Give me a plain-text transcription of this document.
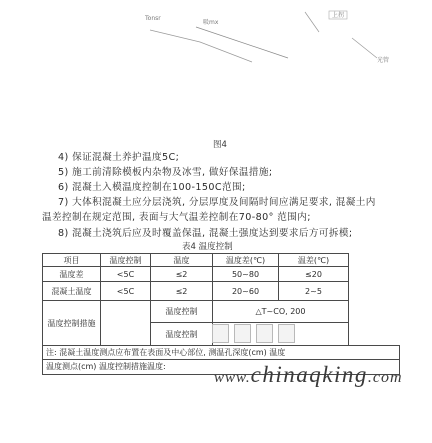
Tonsr
吸mx
上拐
光管
图4
4) 保证混凝土养护温度5C;
5) 施工前清除模板内杂物及冰雪, 做好保温措施;
6) 混凝土入模温度控制在100-150C范围;
7) 大体积混凝土应分层浇筑, 分层厚度及间隔时间应满足要求, 混凝土内
温差控制在规定范围, 表面与大气温差控制在70-80° 范围内;
8) 混凝土浇筑后应及时覆盖保温, 混凝土强度达到要求后方可拆模;
表4 温度控制
项目	温度控制	温度	温度差(℃)	温差(℃)
温度差	<5C	≤2	50~80	≤20
混凝土温度	<5C	≤2	20~60	2~5
温度控制措施		温度控制	△T~CO, 200	
		温度控制		
注: 混凝土温度测点应布置在表面及中心部位, 测温孔深度(cm) 温度
温度测点(cm) 温度控制措施温度:
www.chinaqking.com
